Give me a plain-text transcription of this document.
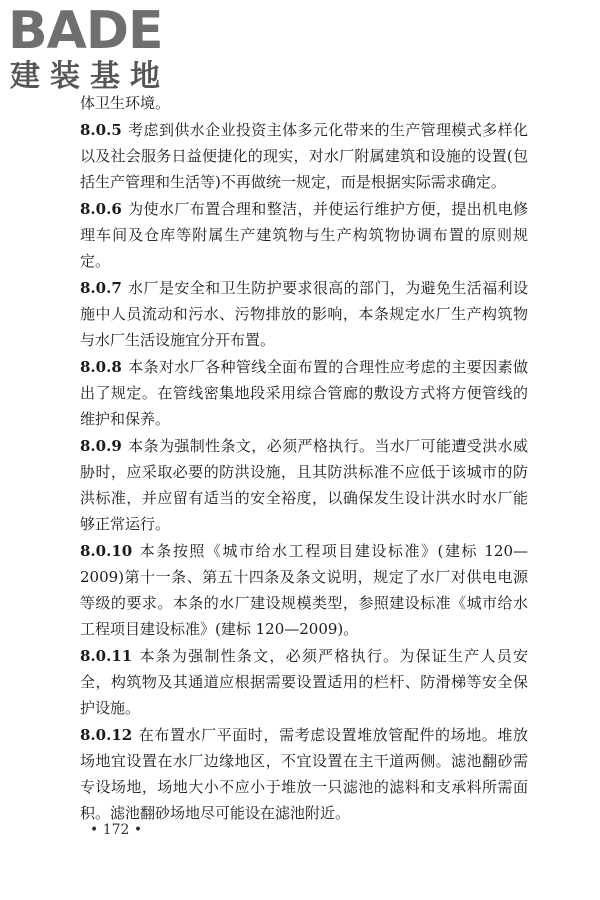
BADE
建装基地

体卫生环境。

8.0.5 考虑到供水企业投资主体多元化带来的生产管理模式多样化以及社会服务日益便捷化的现实，对水厂附属建筑和设施的设置(包括生产管理和生活等)不再做统一规定，而是根据实际需求确定。

8.0.6 为使水厂布置合理和整洁，并使运行维护方便，提出机电修理车间及仓库等附属生产建筑物与生产构筑物协调布置的原则规定。

8.0.7 水厂是安全和卫生防护要求很高的部门，为避免生活福利设施中人员流动和污水、污物排放的影响，本条规定水厂生产构筑物与水厂生活设施宜分开布置。

8.0.8 本条对水厂各种管线全面布置的合理性应考虑的主要因素做出了规定。在管线密集地段采用综合管廊的敷设方式将方便管线的维护和保养。

8.0.9 本条为强制性条文，必须严格执行。当水厂可能遭受洪水威胁时，应采取必要的防洪设施，且其防洪标准不应低于该城市的防洪标准，并应留有适当的安全裕度，以确保发生设计洪水时水厂能够正常运行。

8.0.10 本条按照《城市给水工程项目建设标准》(建标 120—2009)第十一条、第五十四条及条文说明，规定了水厂对供电电源等级的要求。本条的水厂建设规模类型，参照建设标准《城市给水工程项目建设标准》(建标 120—2009)。

8.0.11 本条为强制性条文，必须严格执行。为保证生产人员安全，构筑物及其通道应根据需要设置适用的栏杆、防滑梯等安全保护设施。

8.0.12 在布置水厂平面时，需考虑设置堆放管配件的场地。堆放场地宜设置在水厂边缘地区，不宜设置在主干道两侧。滤池翻砂需专设场地，场地大小不应小于堆放一只滤池的滤料和支承料所需面积。滤池翻砂场地尽可能设在滤池附近。

• 172 •
